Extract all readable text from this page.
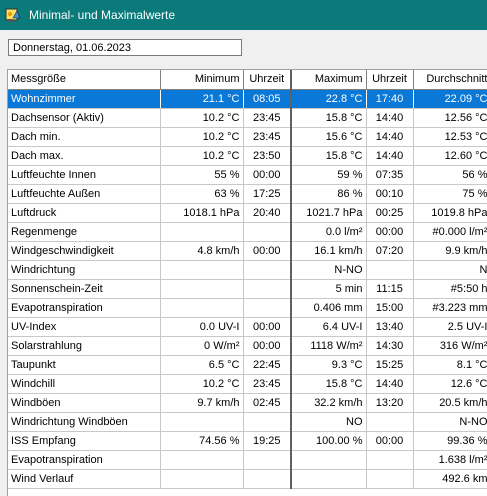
Minimal- und Maximalwerte
Donnerstag, 01.06.2023
Messgröße	Minimum	Uhrzeit	Maximum	Uhrzeit	Durchschnitt
Wohnzimmer	21.1 °C	08:05	22.8 °C	17:40	22.09 °C
Dachsensor (Aktiv)	10.2 °C	23:45	15.8 °C	14:40	12.56 °C
Dach min.	10.2 °C	23:45	15.6 °C	14:40	12.53 °C
Dach max.	10.2 °C	23:50	15.8 °C	14:40	12.60 °C
Luftfeuchte Innen	55 %	00:00	59 %	07:35	56 %
Luftfeuchte Außen	63 %	17:25	86 %	00:10	75 %
Luftdruck	1018.1 hPa	20:40	1021.7 hPa	00:25	1019.8 hPa
Regenmenge			0.0 l/m²	00:00	#0.000 l/m²
Windgeschwindigkeit	4.8 km/h	00:00	16.1 km/h	07:20	9.9 km/h
Windrichtung			N-NO		N
Sonnenschein-Zeit			5 min	11:15	#5:50 h
Evapotranspiration			0.406 mm	15:00	#3.223 mm
UV-Index	0.0 UV-I	00:00	6.4 UV-I	13:40	2.5 UV-I
Solarstrahlung	0 W/m²	00:00	1118 W/m²	14:30	316 W/m²
Taupunkt	6.5 °C	22:45	9.3 °C	15:25	8.1 °C
Windchill	10.2 °C	23:45	15.8 °C	14:40	12.6 °C
Windböen	9.7 km/h	02:45	32.2 km/h	13:20	20.5 km/h
Windrichtung Windböen			NO		N-NO
ISS Empfang	74.56 %	19:25	100.00 %	00:00	99.36 %
Evapotranspiration					1.638 l/m²
Wind Verlauf					492.6 km
